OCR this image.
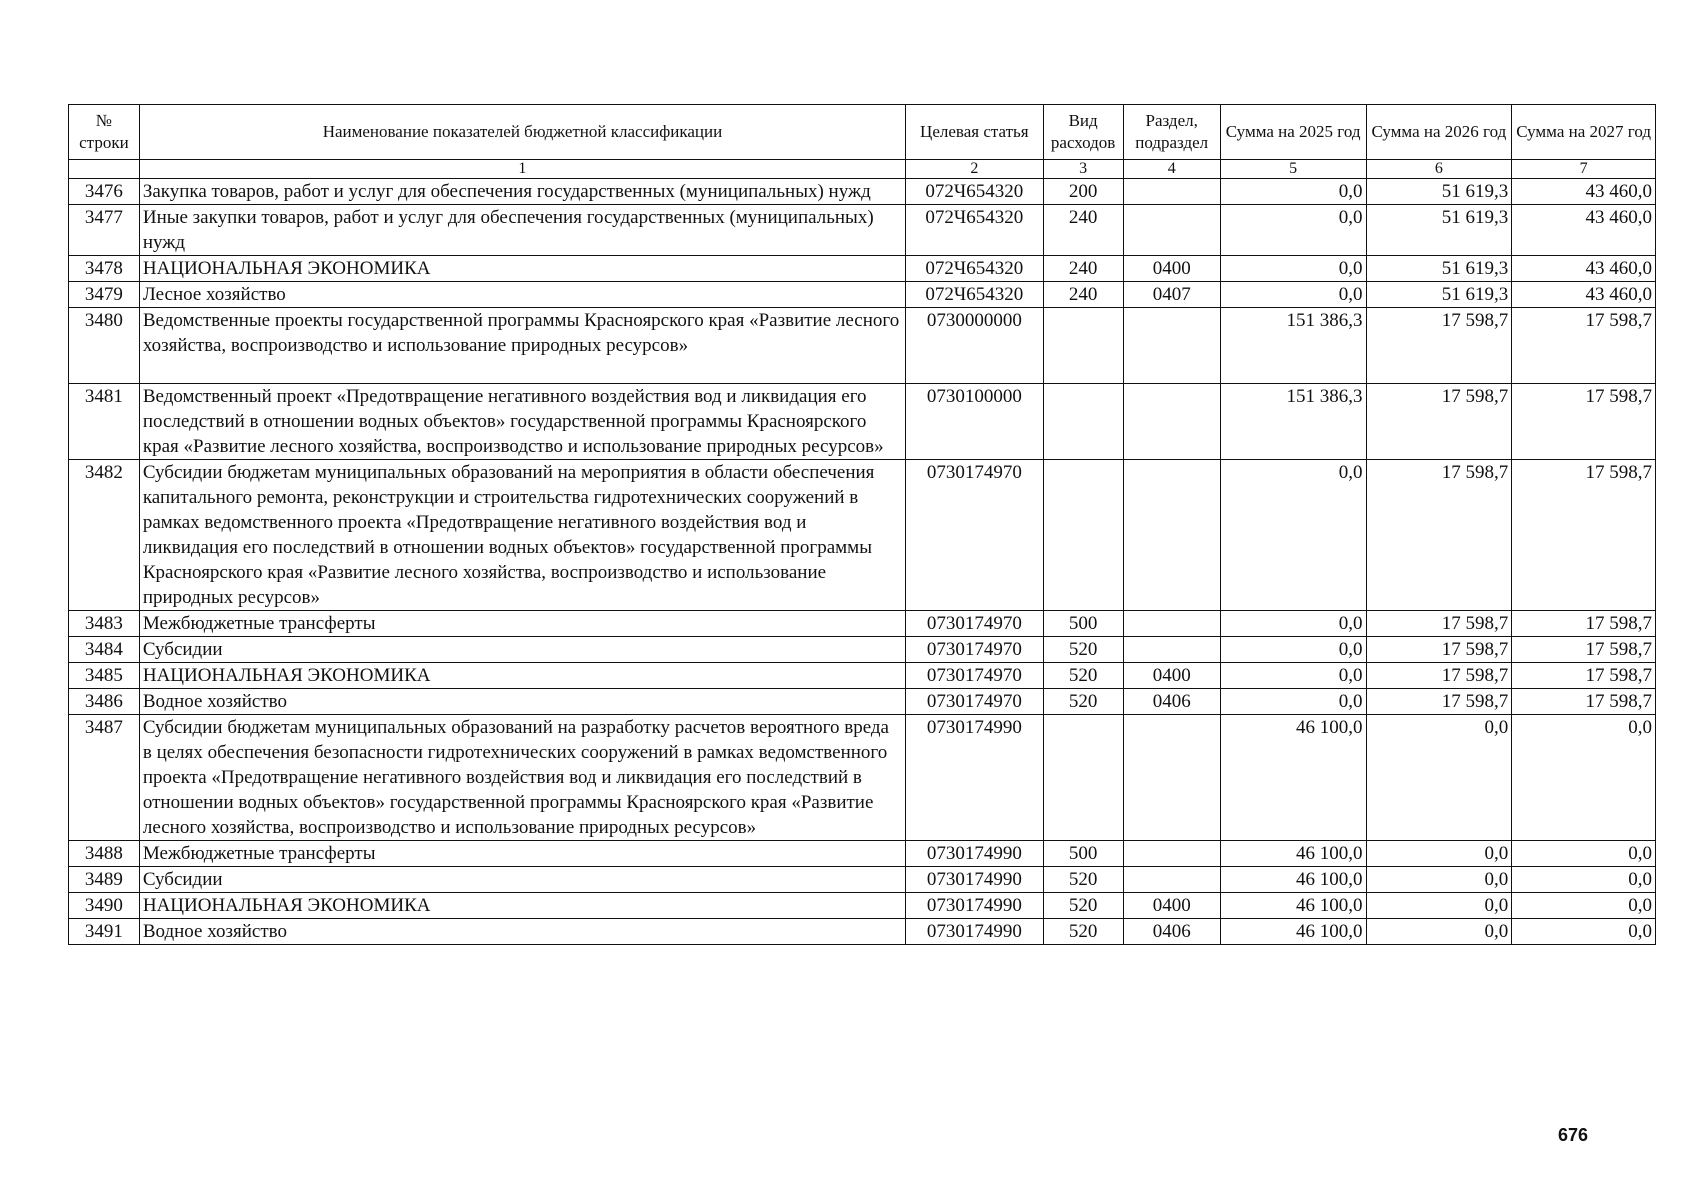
№ строки	Наименование показателей бюджетной классификации	Целевая статья	Вид расходов	Раздел, подраздел	Сумма на 2025 год	Сумма на 2026 год	Сумма на 2027 год
	1	2	3	4	5	6	7
3476	Закупка товаров, работ и услуг для обеспечения государственных (муниципальных) нужд	072Ч654320	200		0,0	51 619,3	43 460,0
3477	Иные закупки товаров, работ и услуг для обеспечения государственных (муниципальных) нужд	072Ч654320	240		0,0	51 619,3	43 460,0
3478	НАЦИОНАЛЬНАЯ ЭКОНОМИКА	072Ч654320	240	0400	0,0	51 619,3	43 460,0
3479	Лесное хозяйство	072Ч654320	240	0407	0,0	51 619,3	43 460,0
3480	Ведомственные проекты государственной программы Красноярского края «Развитие лесного хозяйства, воспроизводство и использование природных ресурсов»	0730000000			151 386,3	17 598,7	17 598,7
3481	Ведомственный проект «Предотвращение негативного воздействия вод и ликвидация его последствий в отношении водных объектов» государственной программы Красноярского края «Развитие лесного хозяйства, воспроизводство и использование природных ресурсов»	0730100000			151 386,3	17 598,7	17 598,7
3482	Субсидии бюджетам муниципальных образований на мероприятия в области обеспечения капитального ремонта, реконструкции и строительства гидротехнических сооружений в рамках ведомственного проекта «Предотвращение негативного воздействия вод и ликвидация его последствий в отношении водных объектов» государственной программы Красноярского края «Развитие лесного хозяйства, воспроизводство и использование природных ресурсов»	0730174970			0,0	17 598,7	17 598,7
3483	Межбюджетные трансферты	0730174970	500		0,0	17 598,7	17 598,7
3484	Субсидии	0730174970	520		0,0	17 598,7	17 598,7
3485	НАЦИОНАЛЬНАЯ ЭКОНОМИКА	0730174970	520	0400	0,0	17 598,7	17 598,7
3486	Водное хозяйство	0730174970	520	0406	0,0	17 598,7	17 598,7
3487	Субсидии бюджетам муниципальных образований на разработку расчетов вероятного вреда в целях обеспечения безопасности гидротехнических сооружений в рамках ведомственного проекта «Предотвращение негативного воздействия вод и ликвидация его последствий в отношении водных объектов» государственной программы Красноярского края «Развитие лесного хозяйства, воспроизводство и использование природных ресурсов»	0730174990			46 100,0	0,0	0,0
3488	Межбюджетные трансферты	0730174990	500		46 100,0	0,0	0,0
3489	Субсидии	0730174990	520		46 100,0	0,0	0,0
3490	НАЦИОНАЛЬНАЯ ЭКОНОМИКА	0730174990	520	0400	46 100,0	0,0	0,0
3491	Водное хозяйство	0730174990	520	0406	46 100,0	0,0	0,0
676
